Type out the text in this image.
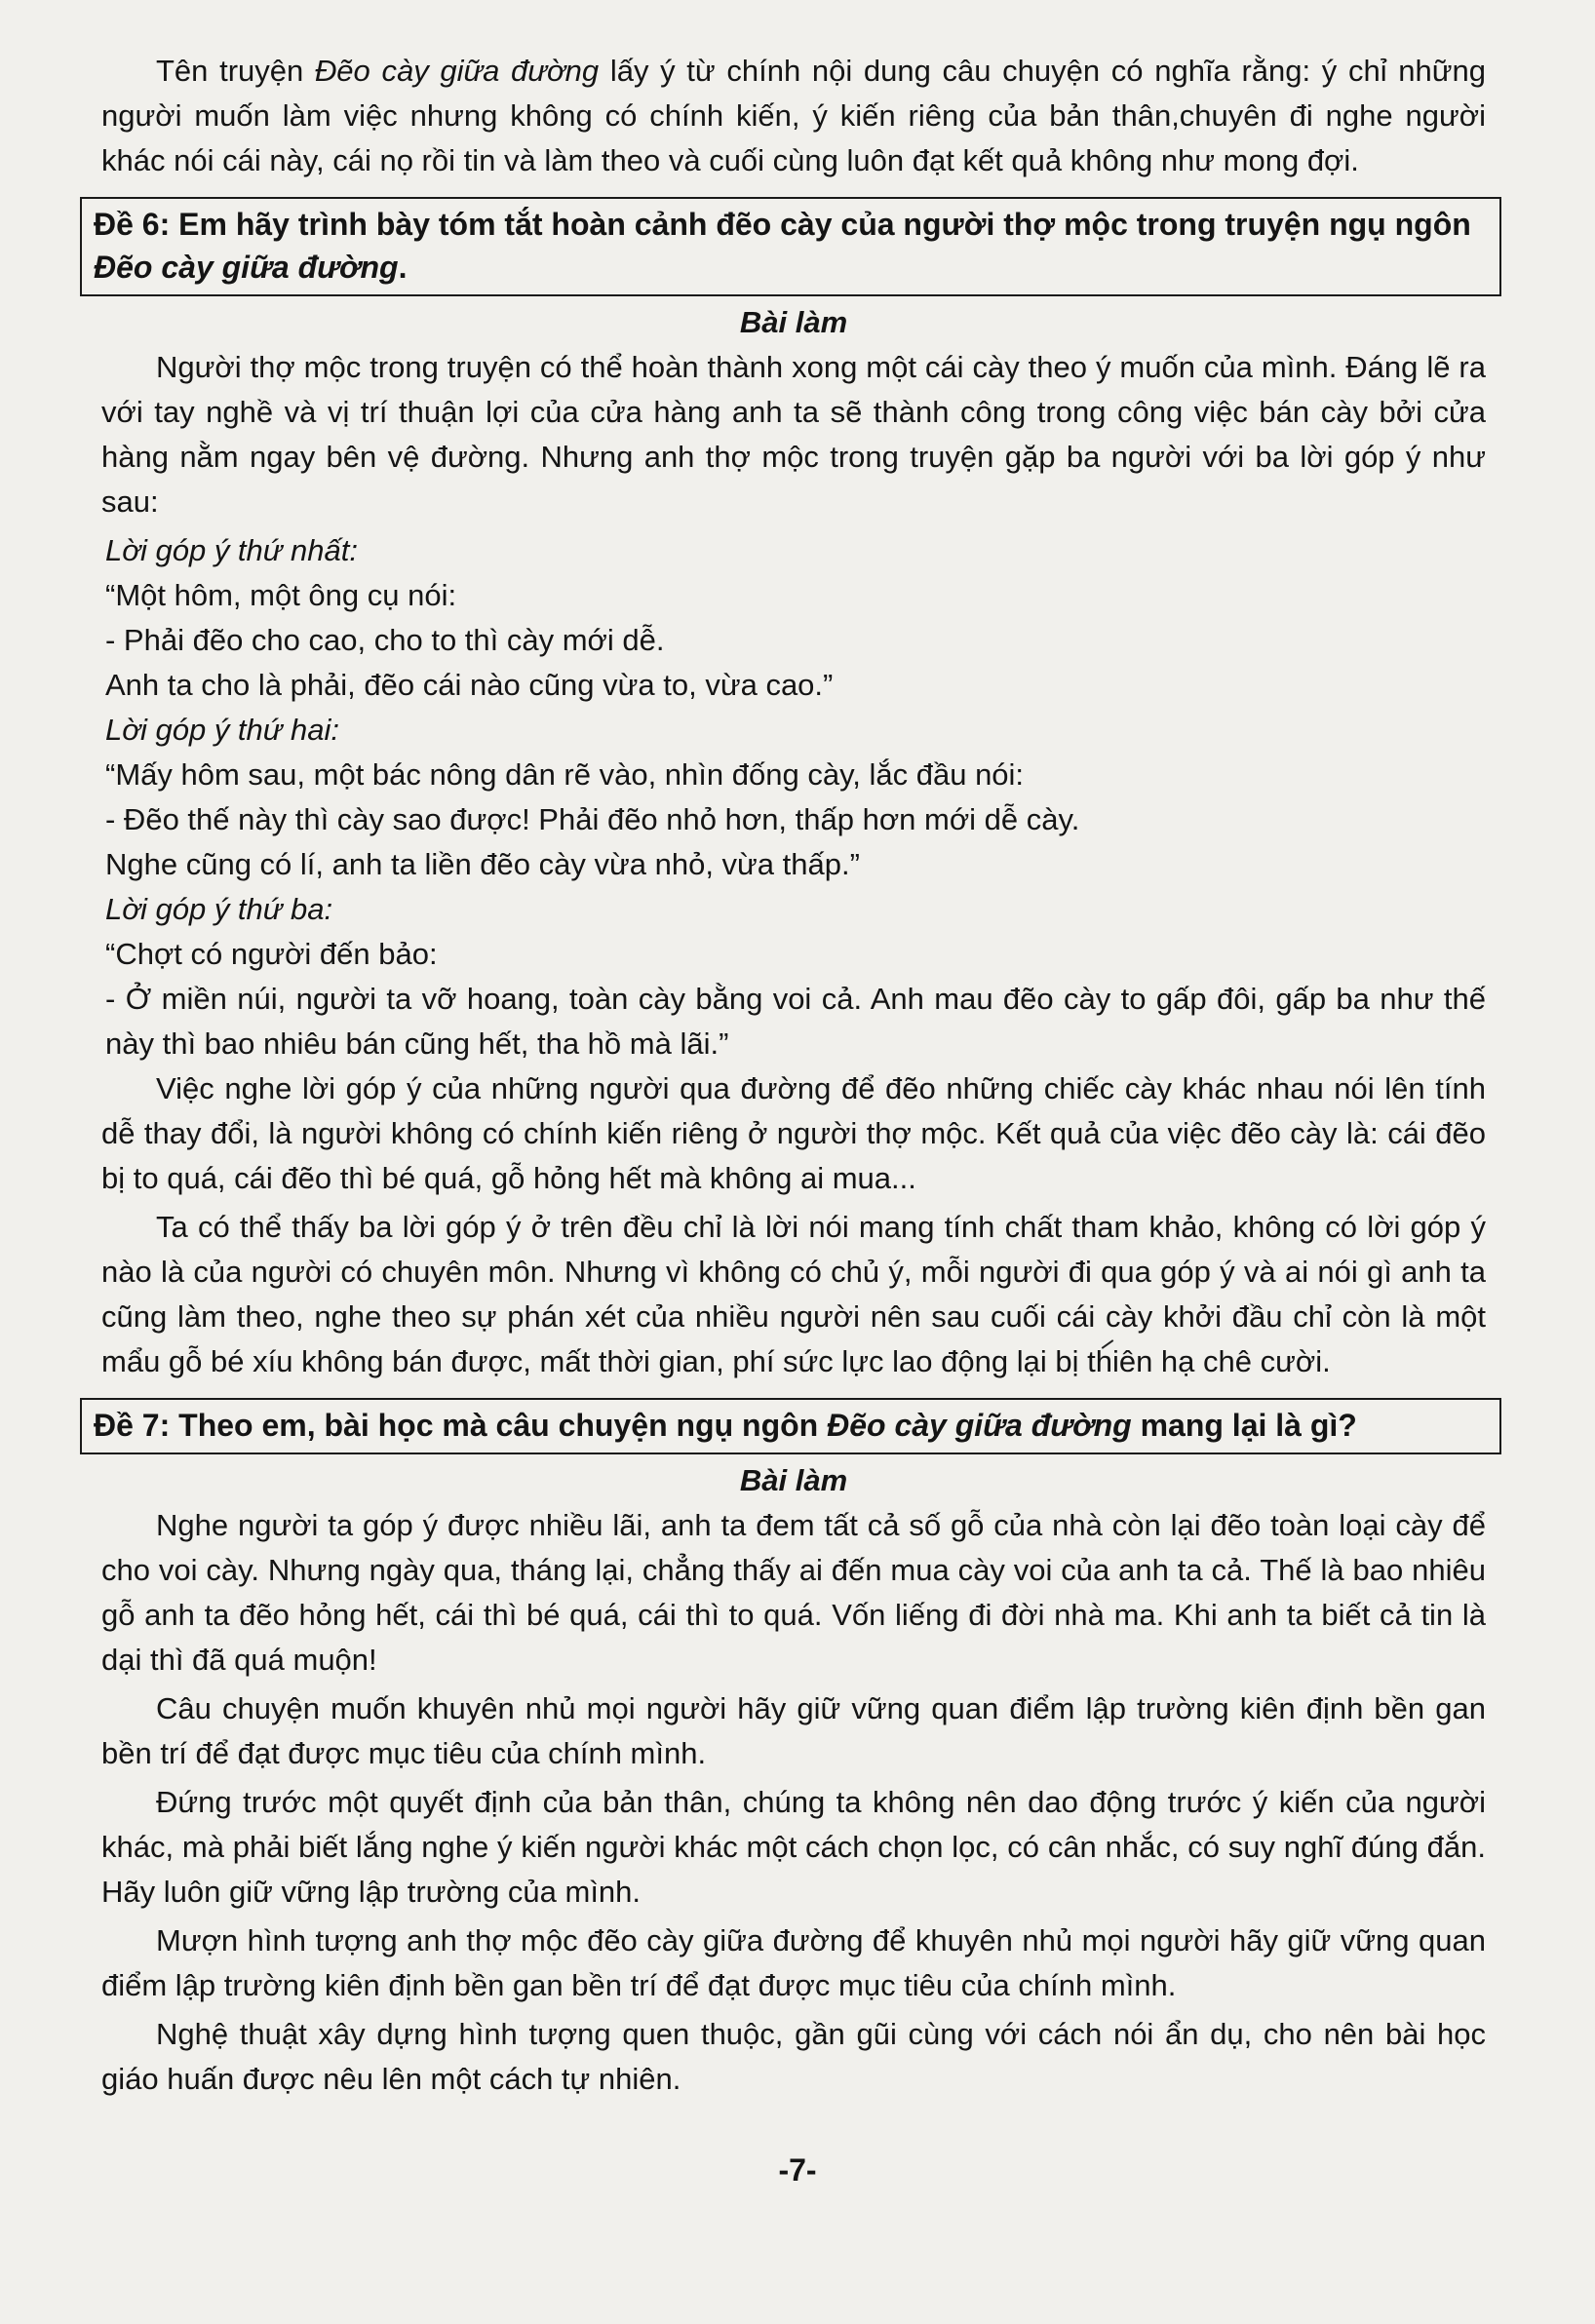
Tên truyện Đẽo cày giữa đường lấy ý từ chính nội dung câu chuyện có nghĩa rằng: ý chỉ những người muốn làm việc nhưng không có chính kiến, ý kiến riêng của bản thân,chuyên đi nghe người khác nói cái này, cái nọ rồi tin và làm theo và cuối cùng luôn đạt kết quả không như mong đợi.

Đề 6: Em hãy trình bày tóm tắt hoàn cảnh đẽo cày của người thợ mộc trong truyện ngụ ngôn Đẽo cày giữa đường.
Bài làm

Người thợ mộc trong truyện có thể hoàn thành xong một cái cày theo ý muốn của mình. Đáng lẽ ra với tay nghề và vị trí thuận lợi của cửa hàng anh ta sẽ thành công trong công việc bán cày bởi cửa hàng nằm ngay bên vệ đường. Nhưng anh thợ mộc trong truyện gặp ba người với ba lời góp ý như sau:

Lời góp ý thứ nhất:
“Một hôm, một ông cụ nói:
- Phải đẽo cho cao, cho to thì cày mới dễ.
Anh ta cho là phải, đẽo cái nào cũng vừa to, vừa cao.”
Lời góp ý thứ hai:
“Mấy hôm sau, một bác nông dân rẽ vào, nhìn đống cày, lắc đầu nói:
- Đẽo thế này thì cày sao được! Phải đẽo nhỏ hơn, thấp hơn mới dễ cày.
Nghe cũng có lí, anh ta liền đẽo cày vừa nhỏ, vừa thấp.”
Lời góp ý thứ ba:
“Chợt có người đến bảo:
- Ở miền núi, người ta vỡ hoang, toàn cày bằng voi cả. Anh mau đẽo cày to gấp đôi, gấp ba như thế này thì bao nhiêu bán cũng hết, tha hồ mà lãi.”

Việc nghe lời góp ý của những người qua đường để đẽo những chiếc cày khác nhau nói lên tính dễ thay đổi, là người không có chính kiến riêng ở người thợ mộc. Kết quả của việc đẽo cày là: cái đẽo bị to quá, cái đẽo thì bé quá, gỗ hỏng hết mà không ai mua...

Ta có thể thấy ba lời góp ý ở trên đều chỉ là lời nói mang tính chất tham khảo, không có lời góp ý nào là của người có chuyên môn. Nhưng vì không có chủ ý, mỗi người đi qua góp ý và ai nói gì anh ta cũng làm theo, nghe theo sự phán xét của nhiều người nên sau cuối cái cày khởi đầu chỉ còn là một mẩu gỗ bé xíu không bán được, mất thời gian, phí sức lực lao động lại bị thiên hạ chê cười.

Đề 7: Theo em, bài học mà câu chuyện ngụ ngôn Đẽo cày giữa đường mang lại là gì?
Bài làm

Nghe người ta góp ý được nhiều lãi, anh ta đem tất cả số gỗ của nhà còn lại đẽo toàn loại cày để cho voi cày. Nhưng ngày qua, tháng lại, chẳng thấy ai đến mua cày voi của anh ta cả. Thế là bao nhiêu gỗ anh ta đẽo hỏng hết, cái thì bé quá, cái thì to quá. Vốn liếng đi đời nhà ma. Khi anh ta biết cả tin là dại thì đã quá muộn!

Câu chuyện muốn khuyên nhủ mọi người hãy giữ vững quan điểm lập trường kiên định bền gan bền trí để đạt được mục tiêu của chính mình.

Đứng trước một quyết định của bản thân, chúng ta không nên dao động trước ý kiến của người khác, mà phải biết lắng nghe ý kiến người khác một cách chọn lọc, có cân nhắc, có suy nghĩ đúng đắn. Hãy luôn giữ vững lập trường của mình.

Mượn hình tượng anh thợ mộc đẽo cày giữa đường để khuyên nhủ mọi người hãy giữ vững quan điểm lập trường kiên định bền gan bền trí để đạt được mục tiêu của chính mình.

Nghệ thuật xây dựng hình tượng quen thuộc, gần gũi cùng với cách nói ẩn dụ, cho nên bài học giáo huấn được nêu lên một cách tự nhiên.

-7-
